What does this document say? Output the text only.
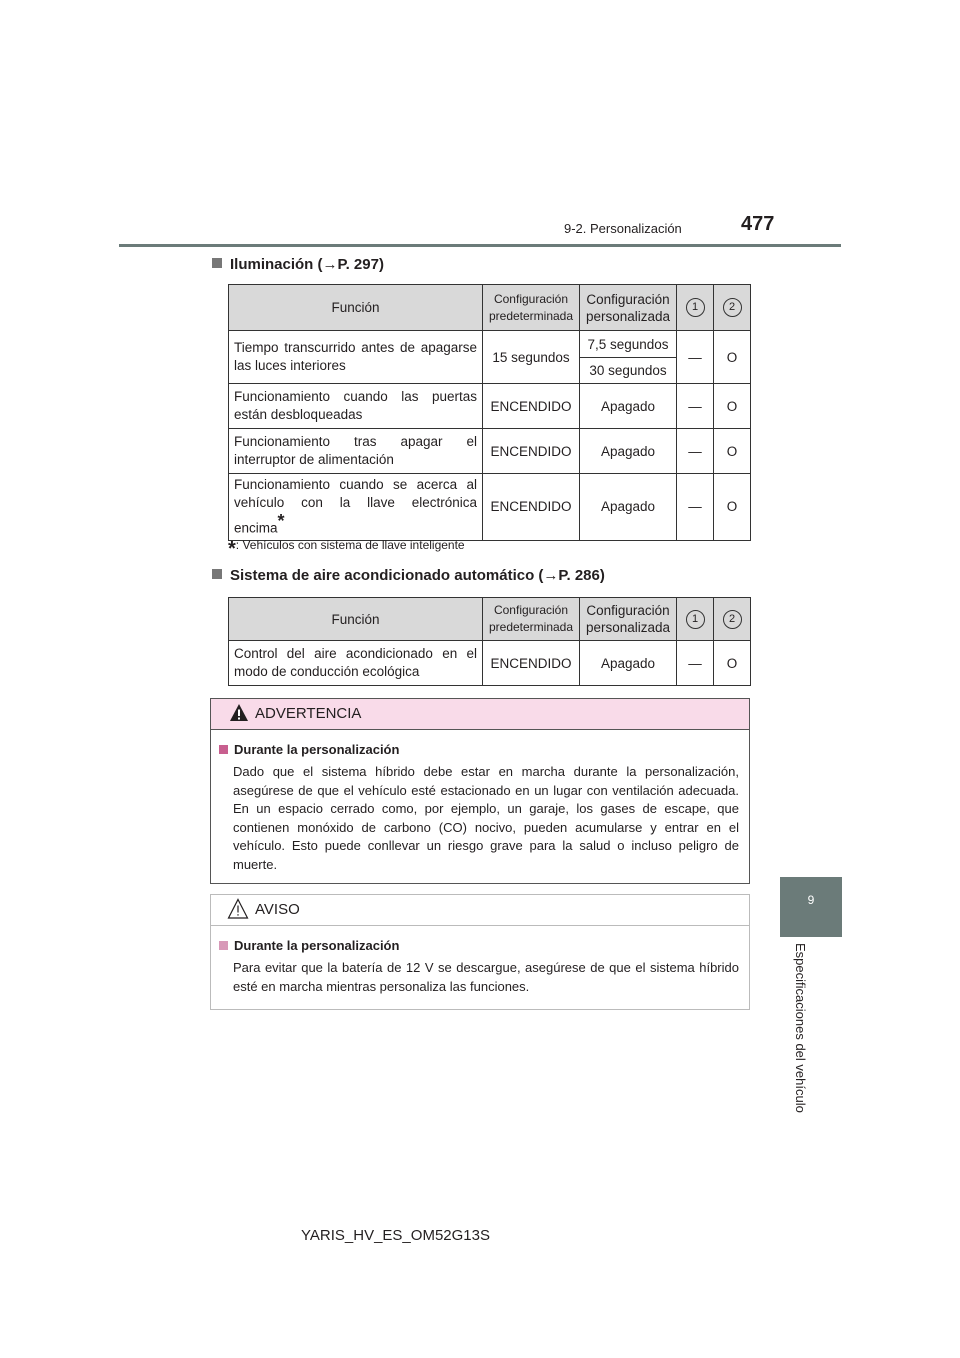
9-2. Personalización	477
9
Especificaciones del vehículo
Iluminación (→P. 297)
Función	Configuración predeterminada	Configuración personalizada	1	2
Tiempo transcurrido antes de apagarse las luces interiores	15 segundos	7,5 segundos	—	O
		30 segundos		
Funcionamiento cuando las puertas están desbloqueadas	ENCENDIDO	Apagado	—	O
Funcionamiento tras apagar el interruptor de alimentación	ENCENDIDO	Apagado	—	O
Funcionamiento cuando se acerca al vehículo con la llave electrónica encima*	ENCENDIDO	Apagado	—	O
*: Vehículos con sistema de llave inteligente
Sistema de aire acondicionado automático (→P. 286)
Función	Configuración predeterminada	Configuración personalizada	1	2
Control del aire acondicionado en el modo de conducción ecológica	ENCENDIDO	Apagado	—	O
ADVERTENCIA
Durante la personalización
Dado que el sistema híbrido debe estar en marcha durante la personalización, asegúrese de que el vehículo esté estacionado en un lugar con ventilación adecuada. En un espacio cerrado como, por ejemplo, un garaje, los gases de escape, que contienen monóxido de carbono (CO) nocivo, pueden acumularse y entrar en el vehículo. Esto puede conllevar un riesgo grave para la salud o incluso peligro de muerte.
AVISO
Durante la personalización
Para evitar que la batería de 12 V se descargue, asegúrese de que el sistema híbrido esté en marcha mientras personaliza las funciones.
YARIS_HV_ES_OM52G13S
